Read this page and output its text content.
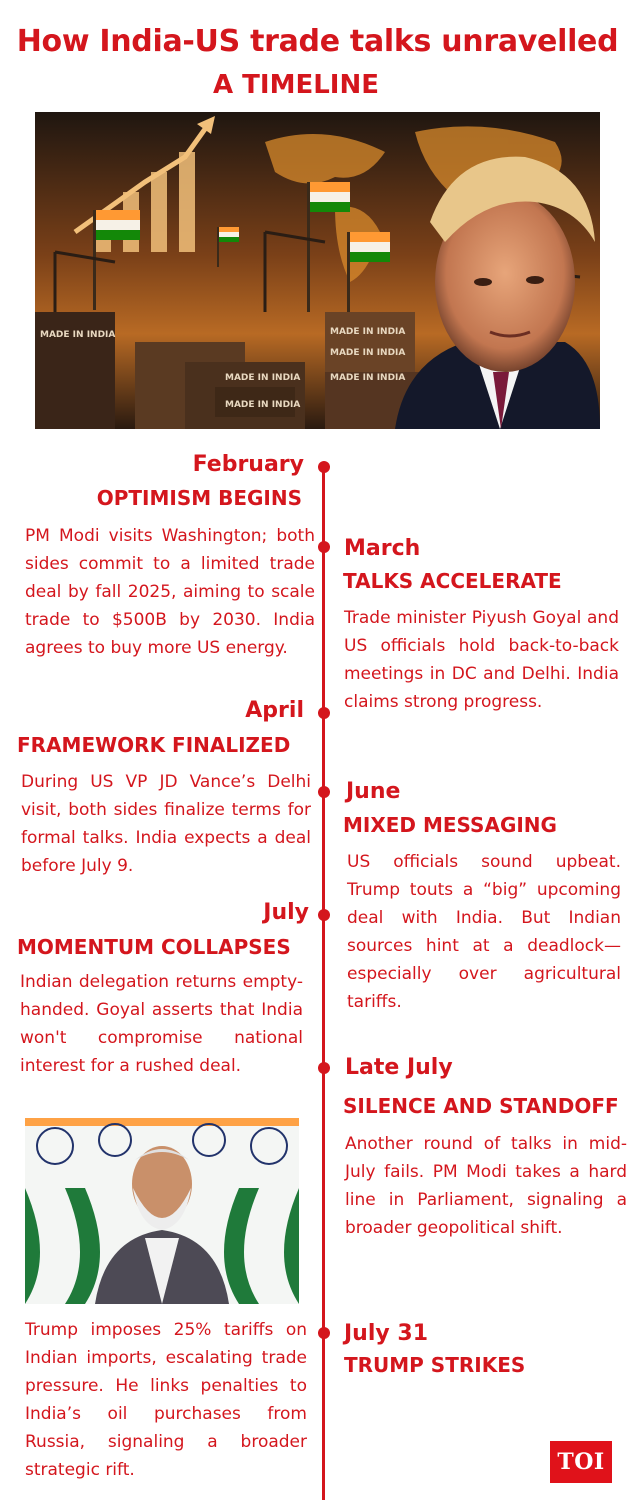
How India-US trade talks unravelled
A TIMELINE
MADE IN INDIA
MADE IN INDIA
MADE IN INDIA
MADE IN INDIA
MADE IN INDIA
MADE IN INDIA
February
OPTIMISM BEGINS
PM Modi visits Washington; both sides commit to a limited trade deal by fall 2025, aiming to scale trade to $500B by 2030. India agrees to buy more US energy.
March
TALKS ACCELERATE
Trade minister Piyush Goyal and US officials hold back-to-back meetings in DC and Delhi. India claims strong progress.
April
FRAMEWORK FINALIZED
During US VP JD Vance’s Delhi visit, both sides finalize terms for formal talks. India expects a deal before July 9.
June
MIXED MESSAGING
US officials sound upbeat. Trump touts a “big” upcoming deal with India. But Indian sources hint at a deadlock—especially over agricultural tariffs.
July
MOMENTUM COLLAPSES
Indian delegation returns empty-handed. Goyal asserts that India won't compromise national interest for a rushed deal.	Late July
SILENCE AND STANDOFF
Another round of talks in mid-July fails. PM Modi takes a hard line in Parliament, signaling a broader geopolitical shift.
July 31
TRUMP STRIKES
Trump imposes 25% tariffs on Indian imports, escalating trade pressure. He links penalties to India’s oil purchases from Russia, signaling a broader strategic rift.	TOI
